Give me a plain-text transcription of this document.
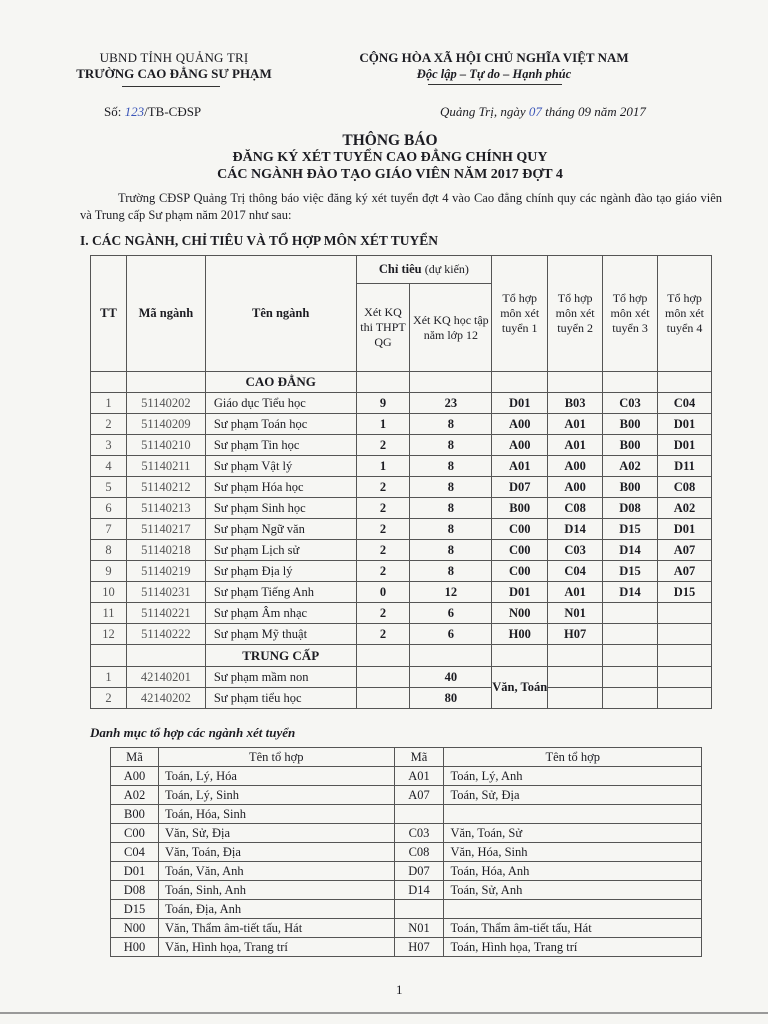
UBND TỈNH QUẢNG TRỊ
TRƯỜNG CAO ĐẲNG SƯ PHẠM
CỘNG HÒA XÃ HỘI CHỦ NGHĨA VIỆT NAM
Độc lập – Tự do – Hạnh phúc
Số: 123/TB-CĐSP	Quảng Trị, ngày 07 tháng 09 năm 2017
THÔNG BÁO
ĐĂNG KÝ XÉT TUYỂN CAO ĐẲNG CHÍNH QUY
CÁC NGÀNH ĐÀO TẠO GIÁO VIÊN NĂM 2017 ĐỢT 4
Trường CĐSP Quảng Trị thông báo việc đăng ký xét tuyển đợt 4 vào Cao đẳng chính quy các ngành đào tạo giáo viên và Trung cấp Sư phạm năm 2017 như sau:
I. CÁC NGÀNH, CHỈ TIÊU VÀ TỔ HỢP MÔN XÉT TUYỂN
TT	Mã ngành	Tên ngành	Chỉ tiêu (dự kiến)		Tổ hợp môn xét tuyển 1	Tổ hợp môn xét tuyển 2	Tổ hợp môn xét tuyển 3	Tổ hợp môn xét tuyển 4
			Xét KQ thi THPT QG	Xét KQ học tập năm lớp 12				
		CAO ĐẲNG						
1	51140202	Giáo dục Tiểu học	9	23	D01	B03	C03	C04
2	51140209	Sư phạm Toán học	1	8	A00	A01	B00	D01
3	51140210	Sư phạm Tin học	2	8	A00	A01	B00	D01
4	51140211	Sư phạm Vật lý	1	8	A01	A00	A02	D11
5	51140212	Sư phạm Hóa học	2	8	D07	A00	B00	C08
6	51140213	Sư phạm Sinh học	2	8	B00	C08	D08	A02
7	51140217	Sư phạm Ngữ văn	2	8	C00	D14	D15	D01
8	51140218	Sư phạm Lịch sử	2	8	C00	C03	D14	A07
9	51140219	Sư phạm Địa lý	2	8	C00	C04	D15	A07
10	51140231	Sư phạm Tiếng Anh	0	12	D01	A01	D14	D15
11	51140221	Sư phạm Âm nhạc	2	6	N00	N01		
12	51140222	Sư phạm Mỹ thuật	2	6	H00	H07		
		TRUNG CẤP						
1	42140201	Sư phạm mầm non		40	Văn, Toán			
2	42140202	Sư phạm tiểu học		80				
Danh mục tổ hợp các ngành xét tuyển
Mã	Tên tổ hợp	Mã	Tên tổ hợp
A00	Toán, Lý, Hóa	A01	Toán, Lý, Anh
A02	Toán, Lý, Sinh	A07	Toán, Sử, Địa
B00	Toán, Hóa, Sinh		
C00	Văn, Sử, Địa	C03	Văn, Toán, Sử
C04	Văn, Toán, Địa	C08	Văn, Hóa, Sinh
D01	Toán, Văn, Anh	D07	Toán, Hóa, Anh
D08	Toán, Sinh, Anh	D14	Toán, Sử, Anh
D15	Toán, Địa, Anh		
N00	Văn, Thẩm âm-tiết tấu, Hát	N01	Toán, Thẩm âm-tiết tấu, Hát
H00	Văn, Hình họa, Trang trí	H07	Toán, Hình họa, Trang trí
1
